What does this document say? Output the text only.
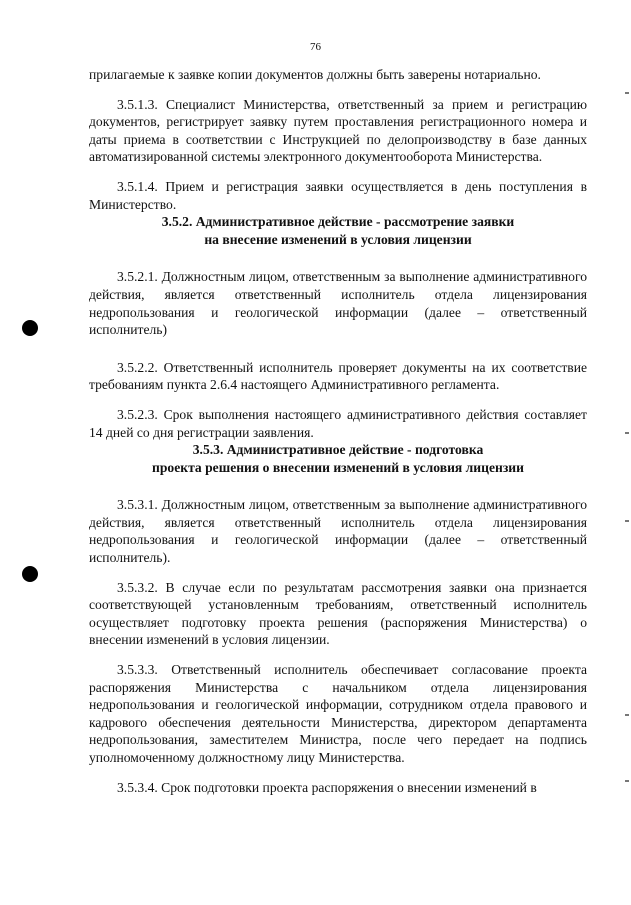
76

прилагаемые к заявке копии документов должны быть заверены нотариально.

3.5.1.3. Специалист Министерства, ответственный за прием и регистрацию документов, регистрирует заявку путем проставления регистрационного номера и даты приема в соответствии с Инструкцией по делопроизводству в базе данных автоматизированной системы электронного документооборота Министерства.

3.5.1.4. Прием и регистрация заявки осуществляется в день поступления в Министерство.

3.5.2. Административное действие - рассмотрение заявки
на внесение изменений в условия лицензии

3.5.2.1. Должностным лицом, ответственным за выполнение административного действия, является ответственный исполнитель отдела лицензирования недропользования и геологической информации (далее – ответственный исполнитель)

3.5.2.2. Ответственный исполнитель проверяет документы на их соответствие требованиям пункта 2.6.4 настоящего Административного регламента.

3.5.2.3. Срок выполнения настоящего административного действия составляет 14 дней со дня регистрации заявления.

3.5.3. Административное действие - подготовка
проекта решения о внесении изменений в условия лицензии

3.5.3.1. Должностным лицом, ответственным за выполнение административного действия, является ответственный исполнитель отдела лицензирования недропользования и геологической информации (далее – ответственный исполнитель).

3.5.3.2. В случае если по результатам рассмотрения заявки она признается соответствующей установленным требованиям, ответственный исполнитель осуществляет подготовку проекта решения (распоряжения Министерства) о внесении изменений в условия лицензии.

3.5.3.3. Ответственный исполнитель обеспечивает согласование проекта распоряжения Министерства с начальником отдела лицензирования недропользования и геологической информации, сотрудником отдела правового и кадрового обеспечения деятельности Министерства, директором департамента недропользования, заместителем Министра, после чего передает на подпись уполномоченному должностному лицу Министерства.

3.5.3.4. Срок подготовки проекта распоряжения о внесении изменений в
